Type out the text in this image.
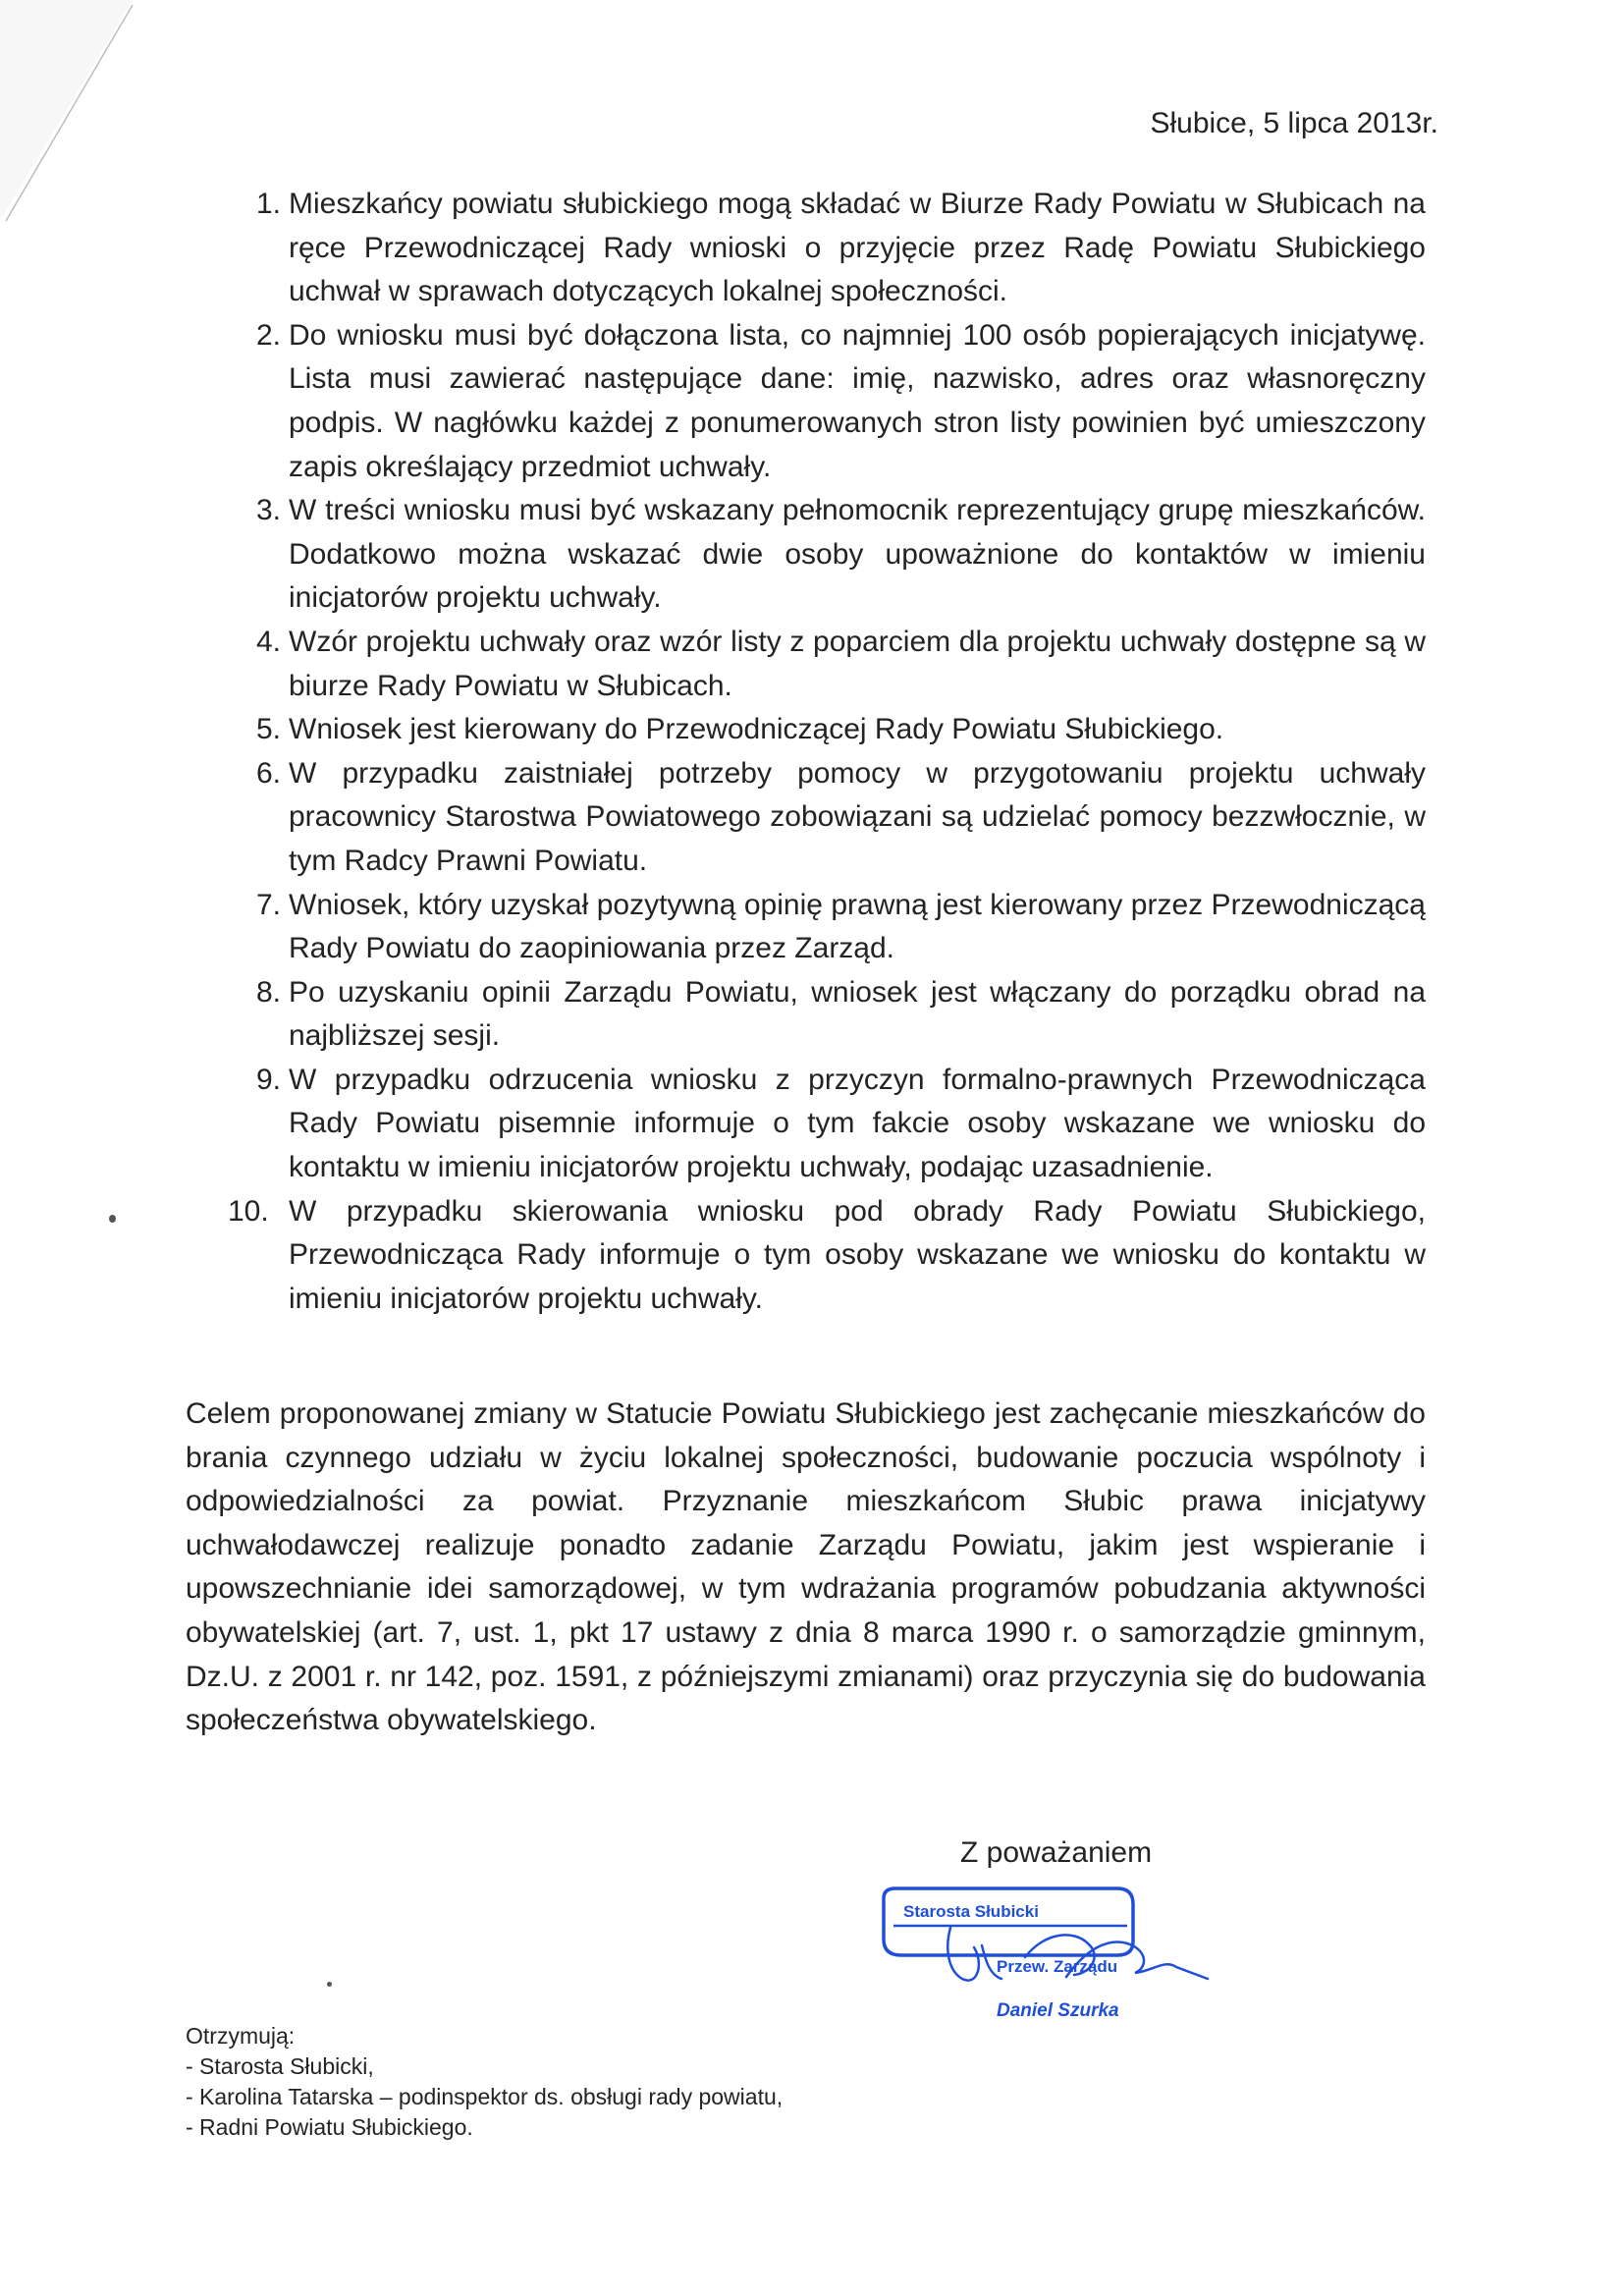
Słubice, 5 lipca 2013r.
1. Mieszkańcy powiatu słubickiego mogą składać w Biurze Rady Powiatu w Słubicach na ręce Przewodniczącej Rady wnioski o przyjęcie przez Radę Powiatu Słubickiego uchwał w sprawach dotyczących lokalnej społeczności.
2. Do wniosku musi być dołączona lista, co najmniej 100 osób popierających inicjatywę. Lista musi zawierać następujące dane: imię, nazwisko, adres oraz własnoręczny podpis. W nagłówku każdej z ponumerowanych stron listy powinien być umieszczony zapis określający przedmiot uchwały.
3. W treści wniosku musi być wskazany pełnomocnik reprezentujący grupę mieszkańców. Dodatkowo można wskazać dwie osoby upoważnione do kontaktów w imieniu inicjatorów projektu uchwały.
4. Wzór projektu uchwały oraz wzór listy z poparciem dla projektu uchwały dostępne są w biurze Rady Powiatu w Słubicach.
5. Wniosek jest kierowany do Przewodniczącej Rady Powiatu Słubickiego.
6. W przypadku zaistniałej potrzeby pomocy w przygotowaniu projektu uchwały pracownicy Starostwa Powiatowego zobowiązani są udzielać pomocy bezzwłocznie, w tym Radcy Prawni Powiatu.
7. Wniosek, który uzyskał pozytywną opinię prawną jest kierowany przez Przewodniczącą Rady Powiatu do zaopiniowania przez Zarząd.
8. Po uzyskaniu opinii Zarządu Powiatu, wniosek jest włączany do porządku obrad na najbliższej sesji.
9. W przypadku odrzucenia wniosku z przyczyn formalno-prawnych Przewodnicząca Rady Powiatu pisemnie informuje o tym fakcie osoby wskazane we wniosku do kontaktu w imieniu inicjatorów projektu uchwały, podając uzasadnienie.
10. W przypadku skierowania wniosku pod obrady Rady Powiatu Słubickiego, Przewodnicząca Rady informuje o tym osoby wskazane we wniosku do kontaktu w imieniu inicjatorów projektu uchwały.

Celem proponowanej zmiany w Statucie Powiatu Słubickiego jest zachęcanie mieszkańców do brania czynnego udziału w życiu lokalnej społeczności, budowanie poczucia wspólnoty i odpowiedzialności za powiat. Przyznanie mieszkańcom Słubic prawa inicjatywy uchwałodawczej realizuje ponadto zadanie Zarządu Powiatu, jakim jest wspieranie i upowszechnianie idei samorządowej, w tym wdrażania programów pobudzania aktywności obywatelskiej (art. 7, ust. 1, pkt 17 ustawy z dnia 8 marca 1990 r. o samorządzie gminnym, Dz.U. z 2001 r. nr 142, poz. 1591, z późniejszymi zmianami) oraz przyczynia się do budowania społeczeństwa obywatelskiego.

Z poważaniem
Starosta Słubicki
Przew. Zarządu
Daniel Szurka

Otrzymują:

- Starosta Słubicki,
- Karolina Tatarska – podinspektor ds. obsługi rady powiatu,
- Radni Powiatu Słubickiego.
